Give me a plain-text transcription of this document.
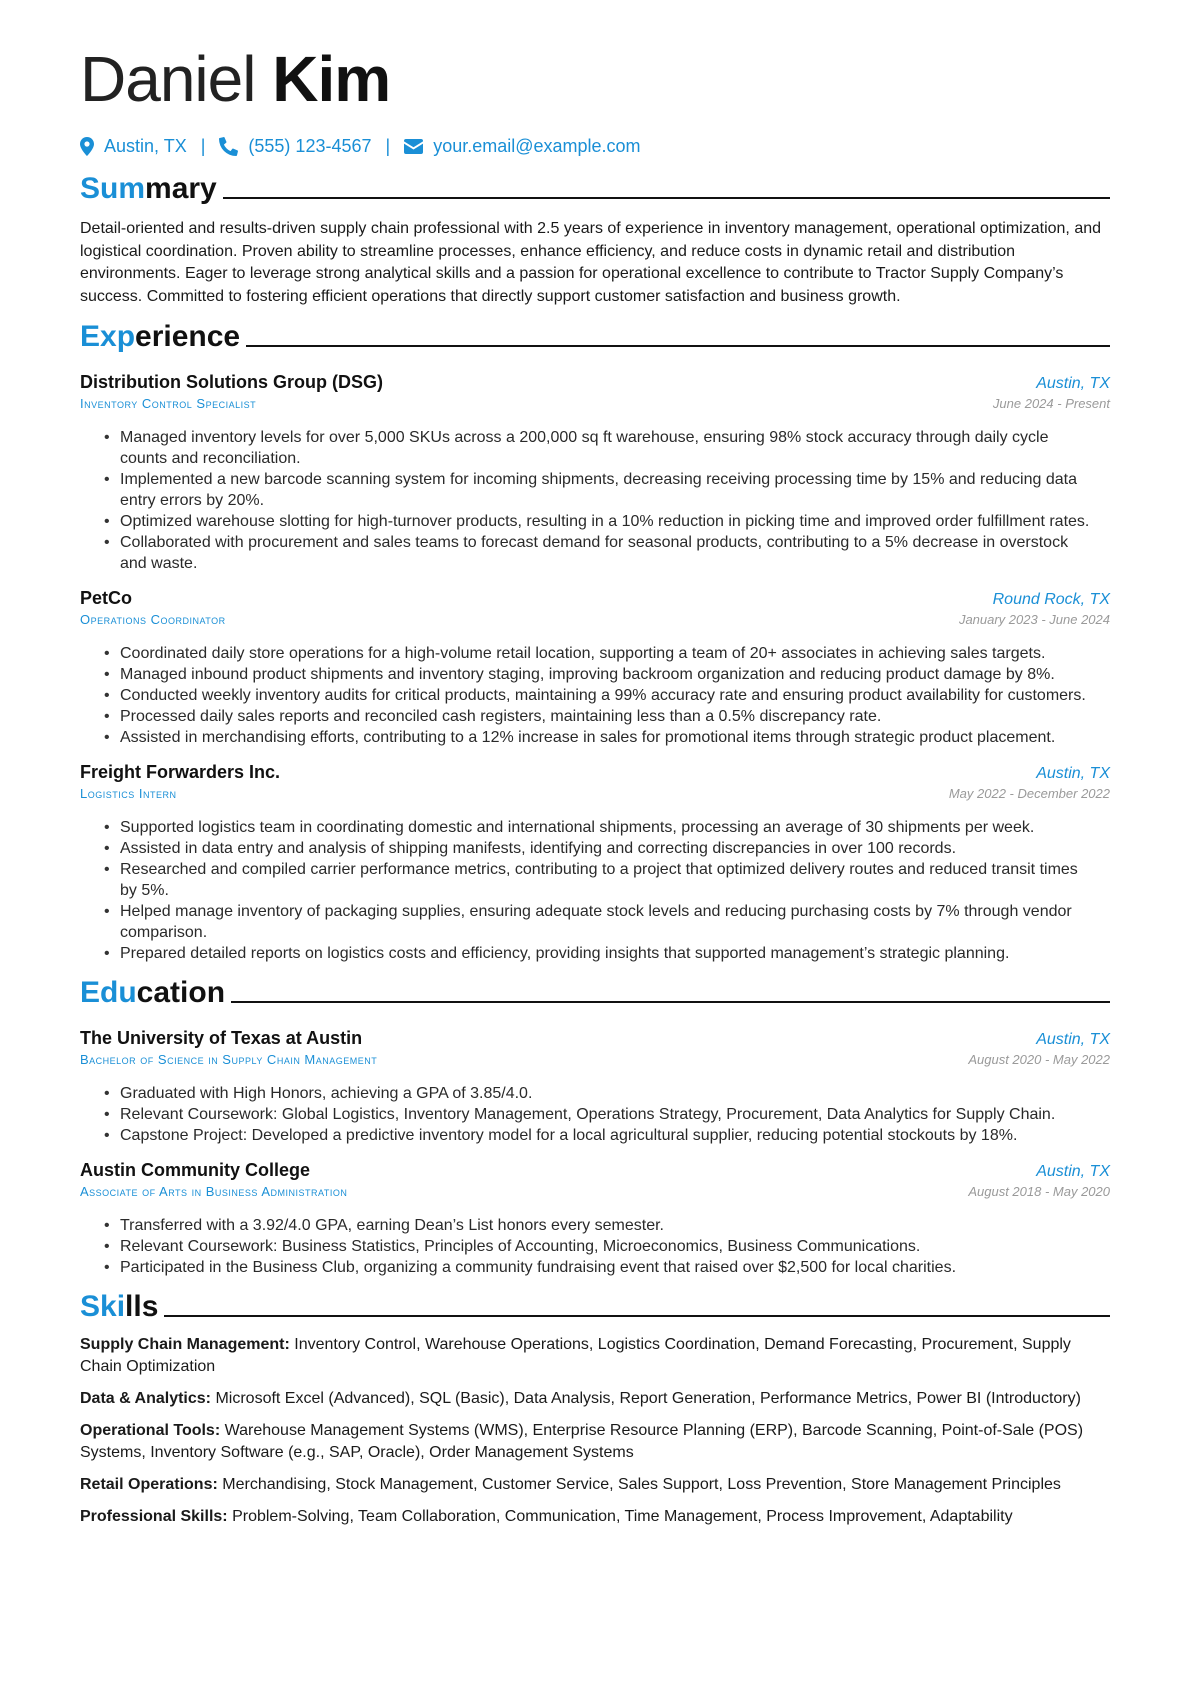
Daniel Kim
Austin, TX | (555) 123-4567 | your.email@example.com
Summary

Detail-oriented and results-driven supply chain professional with 2.5 years of experience in inventory management, operational optimization, and logistical coordination. Proven ability to streamline processes, enhance efficiency, and reduce costs in dynamic retail and distribution environments. Eager to leverage strong analytical skills and a passion for operational excellence to contribute to Tractor Supply Company’s success. Committed to fostering efficient operations that directly support customer satisfaction and business growth.

Experience
Distribution Solutions Group (DSG)	Austin, TX
Inventory Control Specialist	June 2024 - Present
• Managed inventory levels for over 5,000 SKUs across a 200,000 sq ft warehouse, ensuring 98% stock accuracy through daily cycle counts and reconciliation.
• Implemented a new barcode scanning system for incoming shipments, decreasing receiving processing time by 15% and reducing data entry errors by 20%.
• Optimized warehouse slotting for high-turnover products, resulting in a 10% reduction in picking time and improved order fulfillment rates.
• Collaborated with procurement and sales teams to forecast demand for seasonal products, contributing to a 5% decrease in overstock and waste.
PetCo	Round Rock, TX
Operations Coordinator	January 2023 - June 2024
• Coordinated daily store operations for a high-volume retail location, supporting a team of 20+ associates in achieving sales targets.
• Managed inbound product shipments and inventory staging, improving backroom organization and reducing product damage by 8%.
• Conducted weekly inventory audits for critical products, maintaining a 99% accuracy rate and ensuring product availability for customers.
• Processed daily sales reports and reconciled cash registers, maintaining less than a 0.5% discrepancy rate.
• Assisted in merchandising efforts, contributing to a 12% increase in sales for promotional items through strategic product placement.
Freight Forwarders Inc.	Austin, TX
Logistics Intern	May 2022 - December 2022
• Supported logistics team in coordinating domestic and international shipments, processing an average of 30 shipments per week.
• Assisted in data entry and analysis of shipping manifests, identifying and correcting discrepancies in over 100 records.
• Researched and compiled carrier performance metrics, contributing to a project that optimized delivery routes and reduced transit times by 5%.
• Helped manage inventory of packaging supplies, ensuring adequate stock levels and reducing purchasing costs by 7% through vendor comparison.
• Prepared detailed reports on logistics costs and efficiency, providing insights that supported management’s strategic planning.
Education
The University of Texas at Austin	Austin, TX
Bachelor of Science in Supply Chain Management	August 2020 - May 2022
• Graduated with High Honors, achieving a GPA of 3.85/4.0.
• Relevant Coursework: Global Logistics, Inventory Management, Operations Strategy, Procurement, Data Analytics for Supply Chain.
• Capstone Project: Developed a predictive inventory model for a local agricultural supplier, reducing potential stockouts by 18%.
Austin Community College	Austin, TX
Associate of Arts in Business Administration	August 2018 - May 2020
• Transferred with a 3.92/4.0 GPA, earning Dean’s List honors every semester.
• Relevant Coursework: Business Statistics, Principles of Accounting, Microeconomics, Business Communications.
• Participated in the Business Club, organizing a community fundraising event that raised over $2,500 for local charities.
Skills
Supply Chain Management: Inventory Control, Warehouse Operations, Logistics Coordination, Demand Forecasting, Procurement, Supply Chain Optimization
Data & Analytics: Microsoft Excel (Advanced), SQL (Basic), Data Analysis, Report Generation, Performance Metrics, Power BI (Introductory)
Operational Tools: Warehouse Management Systems (WMS), Enterprise Resource Planning (ERP), Barcode Scanning, Point-of-Sale (POS) Systems, Inventory Software (e.g., SAP, Oracle), Order Management Systems
Retail Operations: Merchandising, Stock Management, Customer Service, Sales Support, Loss Prevention, Store Management Principles
Professional Skills: Problem-Solving, Team Collaboration, Communication, Time Management, Process Improvement, Adaptability
